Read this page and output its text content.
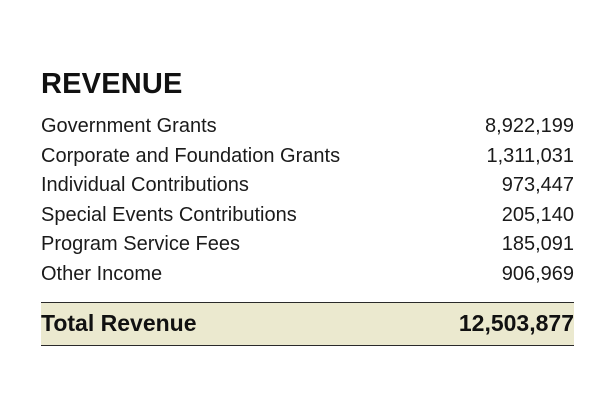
REVENUE
Government Grants	8,922,199
Corporate and Foundation Grants	1,311,031
Individual Contributions	973,447
Special Events Contributions	205,140
Program Service Fees	185,091
Other Income	906,969
Total Revenue	12,503,877
